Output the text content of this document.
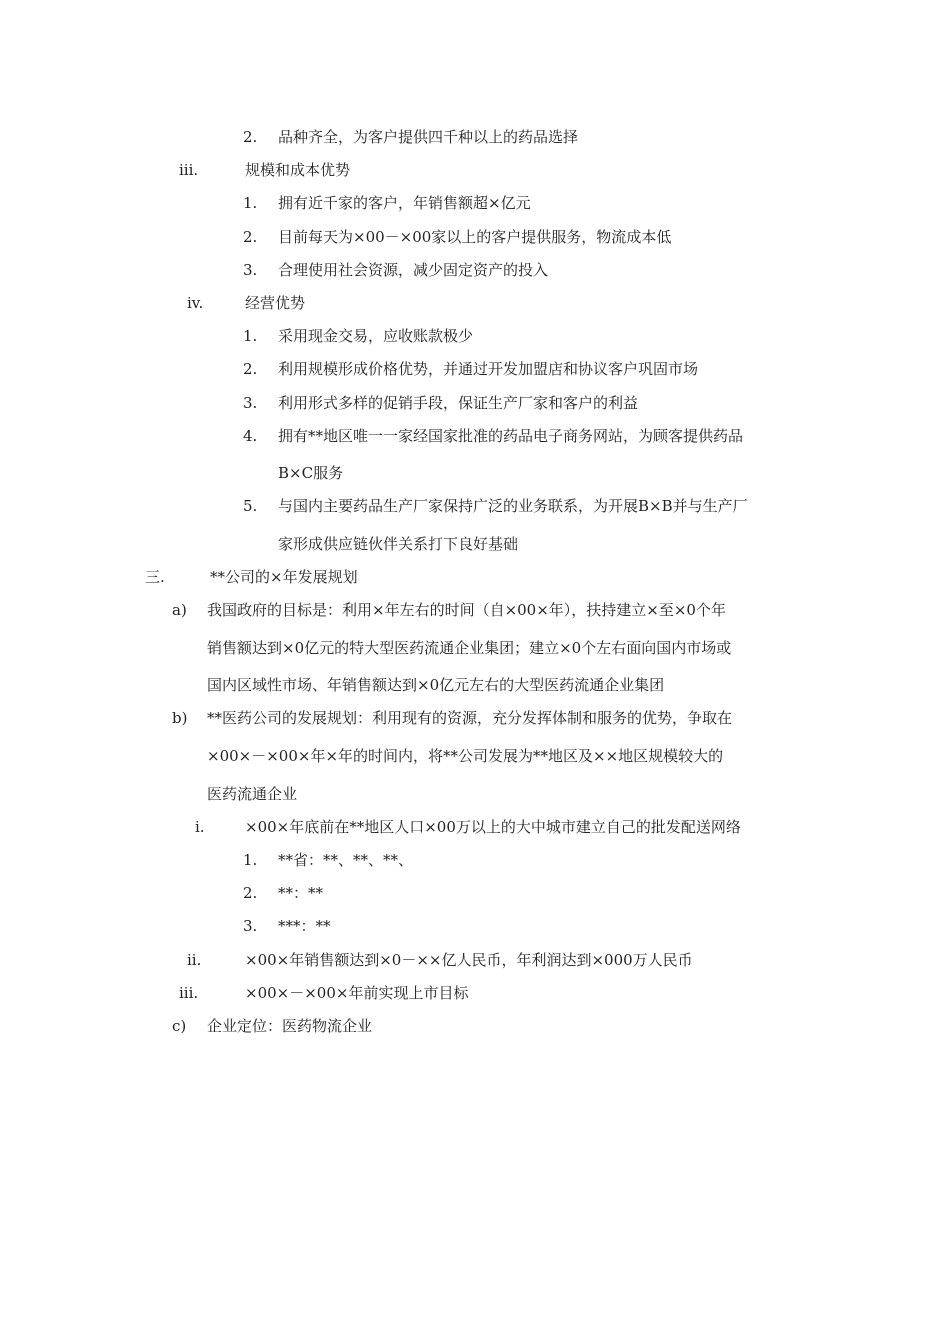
2. 品种齐全，为客户提供四千种以上的药品选择
iii.	规模和成本优势
1. 拥有近千家的客户，年销售额超×亿元
2. 目前每天为×00－×00家以上的客户提供服务，物流成本低
3. 合理使用社会资源，减少固定资产的投入
iv.	经营优势
1. 采用现金交易，应收账款极少
2. 利用规模形成价格优势，并通过开发加盟店和协议客户巩固市场
3. 利用形式多样的促销手段，保证生产厂家和客户的利益
4. 拥有**地区唯一一家经国家批准的药品电子商务网站，为顾客提供药品
B×C服务
5. 与国内主要药品生产厂家保持广泛的业务联系，为开展B×B并与生产厂
家形成供应链伙伴关系打下良好基础
三.	**公司的×年发展规划
a) 我国政府的目标是：利用×年左右的时间（自×00×年），扶持建立×至×0个年
销售额达到×0亿元的特大型医药流通企业集团；建立×0个左右面向国内市场或
国内区域性市场、年销售额达到×0亿元左右的大型医药流通企业集团
b) **医药公司的发展规划：利用现有的资源，充分发挥体制和服务的优势，争取在
×00×－×00×年×年的时间内，将**公司发展为**地区及××地区规模较大的
医药流通企业
i.	×00×年底前在**地区人口×00万以上的大中城市建立自己的批发配送网络
1. **省：**、**、**、
2. **：**
3. ***：**
ii.	×00×年销售额达到×0－××亿人民币，年利润达到×000万人民币
iii.	×00×－×00×年前实现上市目标
c) 企业定位：医药物流企业
